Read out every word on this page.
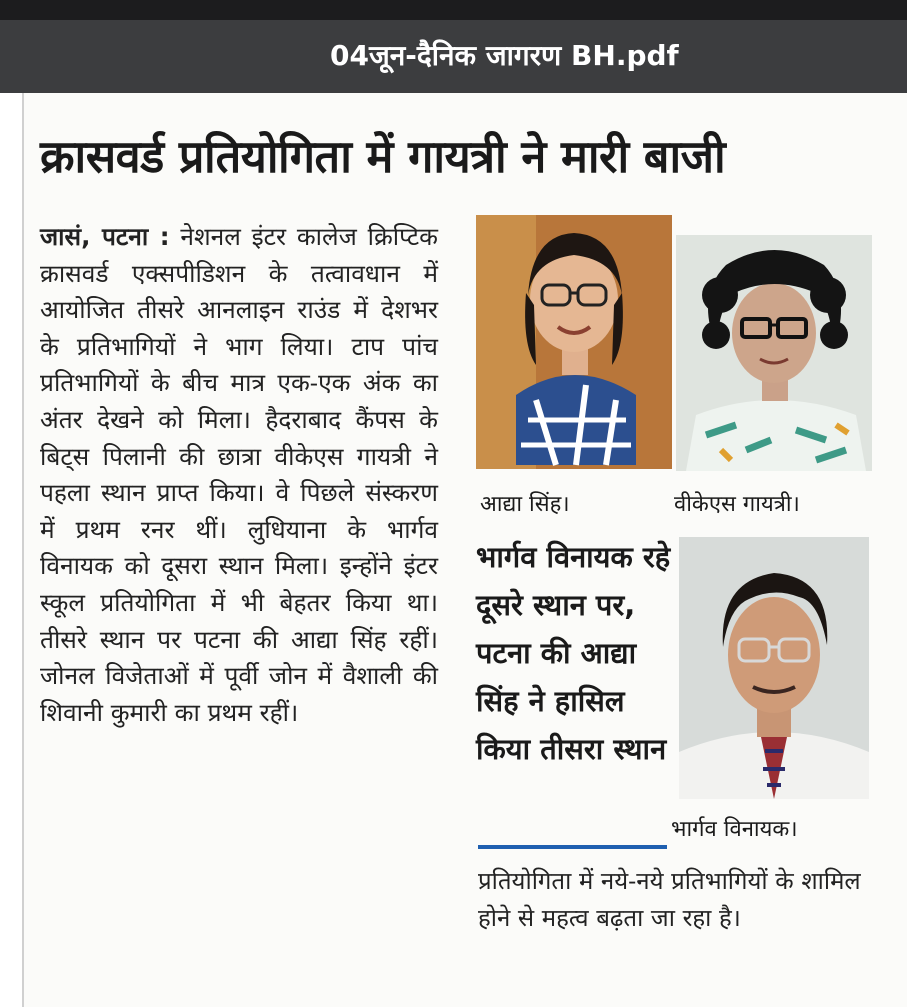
04जून-दैनिक जागरण BH.pdf
क्रासवर्ड प्रतियोगिता में गायत्री ने मारी बाजी
जासं, पटना : नेशनल इंटर कालेज क्रिप्टिक क्रासवर्ड एक्सपीडिशन के तत्वावधान में आयोजित तीसरे आनलाइन राउंड में देशभर के प्रतिभागियों ने भाग लिया। टाप पांच प्रतिभागियों के बीच मात्र एक-एक अंक का अंतर देखने को मिला। हैदराबाद कैंपस के बिट्स पिलानी की छात्रा वीकेएस गायत्री ने पहला स्थान प्राप्त किया। वे पिछले संस्करण में प्रथम रनर थीं। लुधियाना के भार्गव विनायक को दूसरा स्थान मिला। इन्होंने इंटर स्कूल प्रतियोगिता में भी बेहतर किया था। तीसरे स्थान पर पटना की आद्या सिंह रहीं। जोनल विजेताओं में पूर्वी जोन में वैशाली की शिवानी कुमारी का प्रथम रहीं।
आद्या सिंह।	वीकेएस गायत्री।
भार्गव विनायक रहे दूसरे स्थान पर, पटना की आद्या सिंह ने हासिल किया तीसरा स्थान
भार्गव विनायक।
प्रतियोगिता में नये-नये प्रतिभागियों के शामिल होने से महत्व बढ़ता जा रहा है।
